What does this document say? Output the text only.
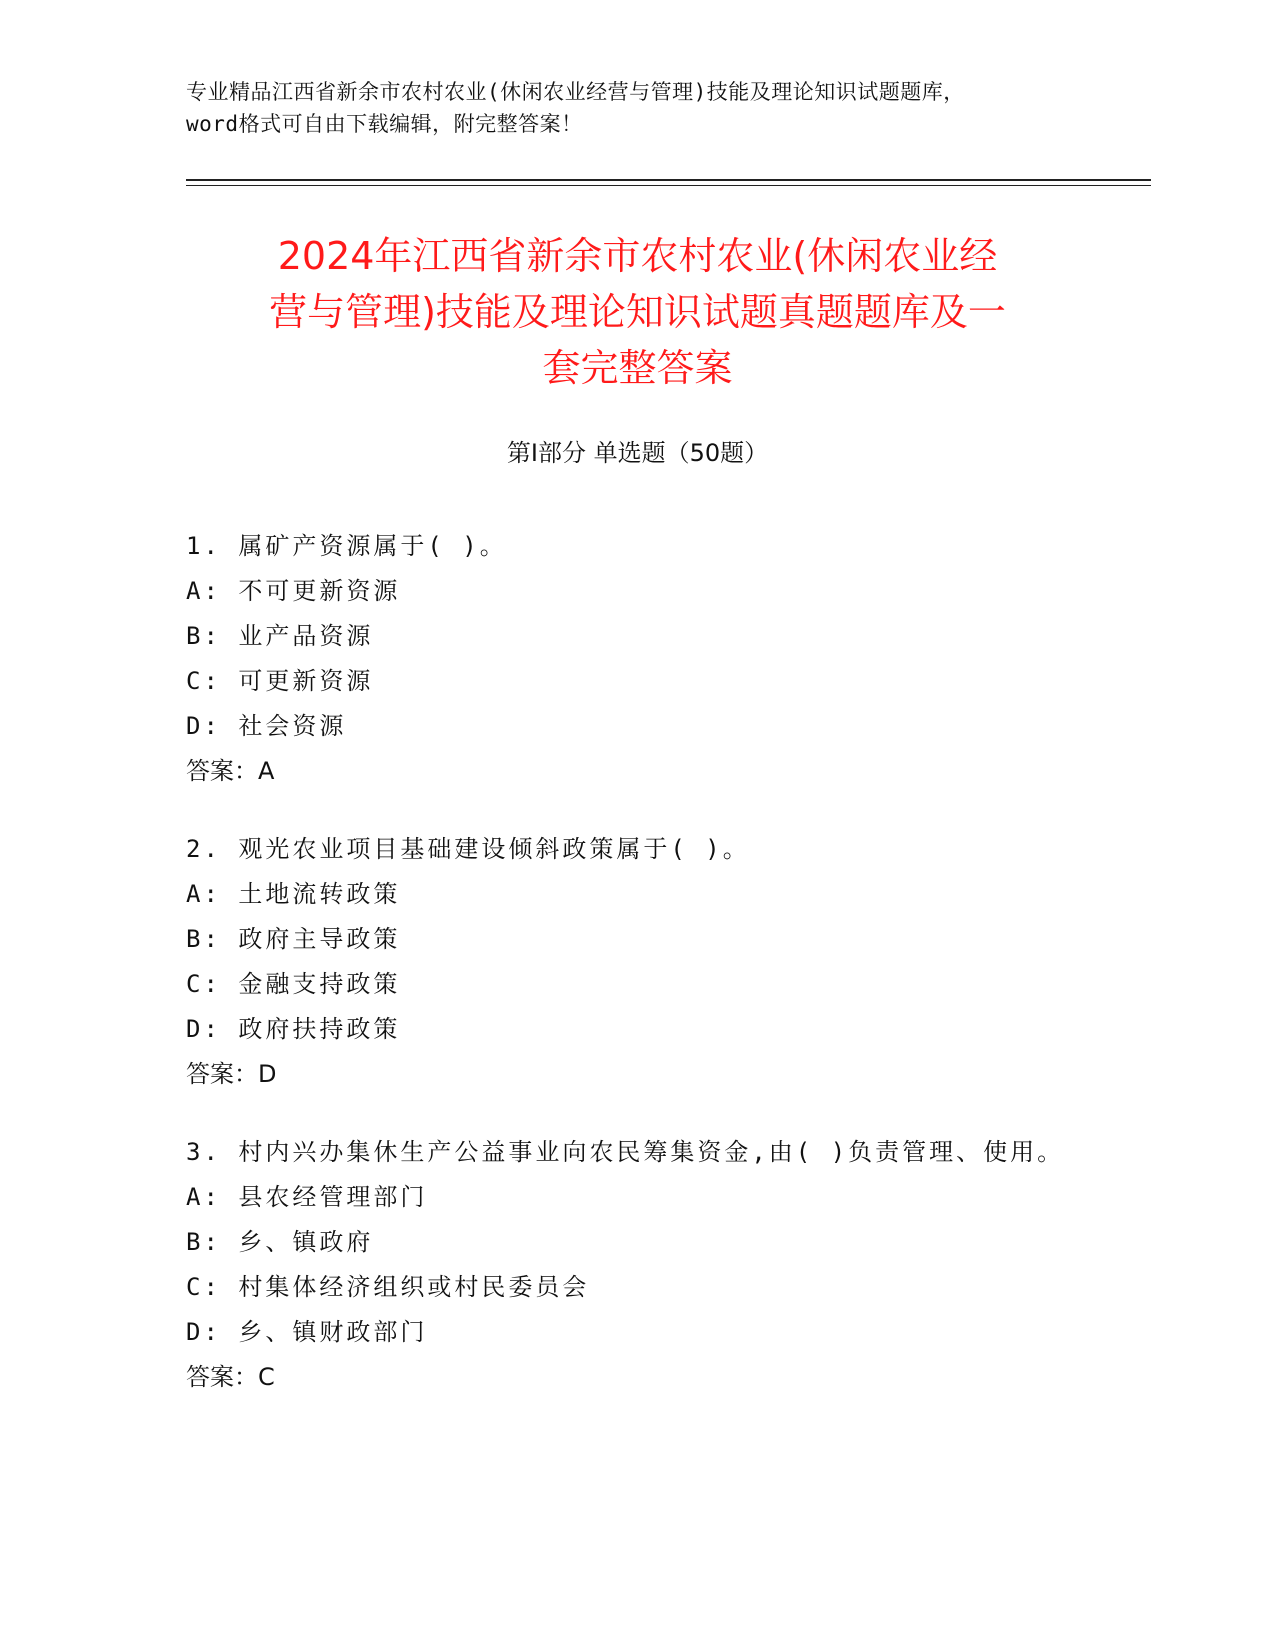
专业精品江西省新余市农村农业(休闲农业经营与管理)技能及理论知识试题题库，
word格式可自由下载编辑，附完整答案！
2024年江西省新余市农村农业(休闲农业经
营与管理)技能及理论知识试题真题题库及一
套完整答案
第Ⅰ部分 单选题（50题）
1. 属矿产资源属于( )。
A: 不可更新资源
B: 业产品资源
C: 可更新资源
D: 社会资源
答案：A
2. 观光农业项目基础建设倾斜政策属于( )。
A: 土地流转政策
B: 政府主导政策
C: 金融支持政策
D: 政府扶持政策
答案：D
3. 村内兴办集休生产公益事业向农民筹集资金,由( )负责管理、使用。
A: 县农经管理部门
B: 乡、镇政府
C: 村集体经济组织或村民委员会
D: 乡、镇财政部门
答案：C
